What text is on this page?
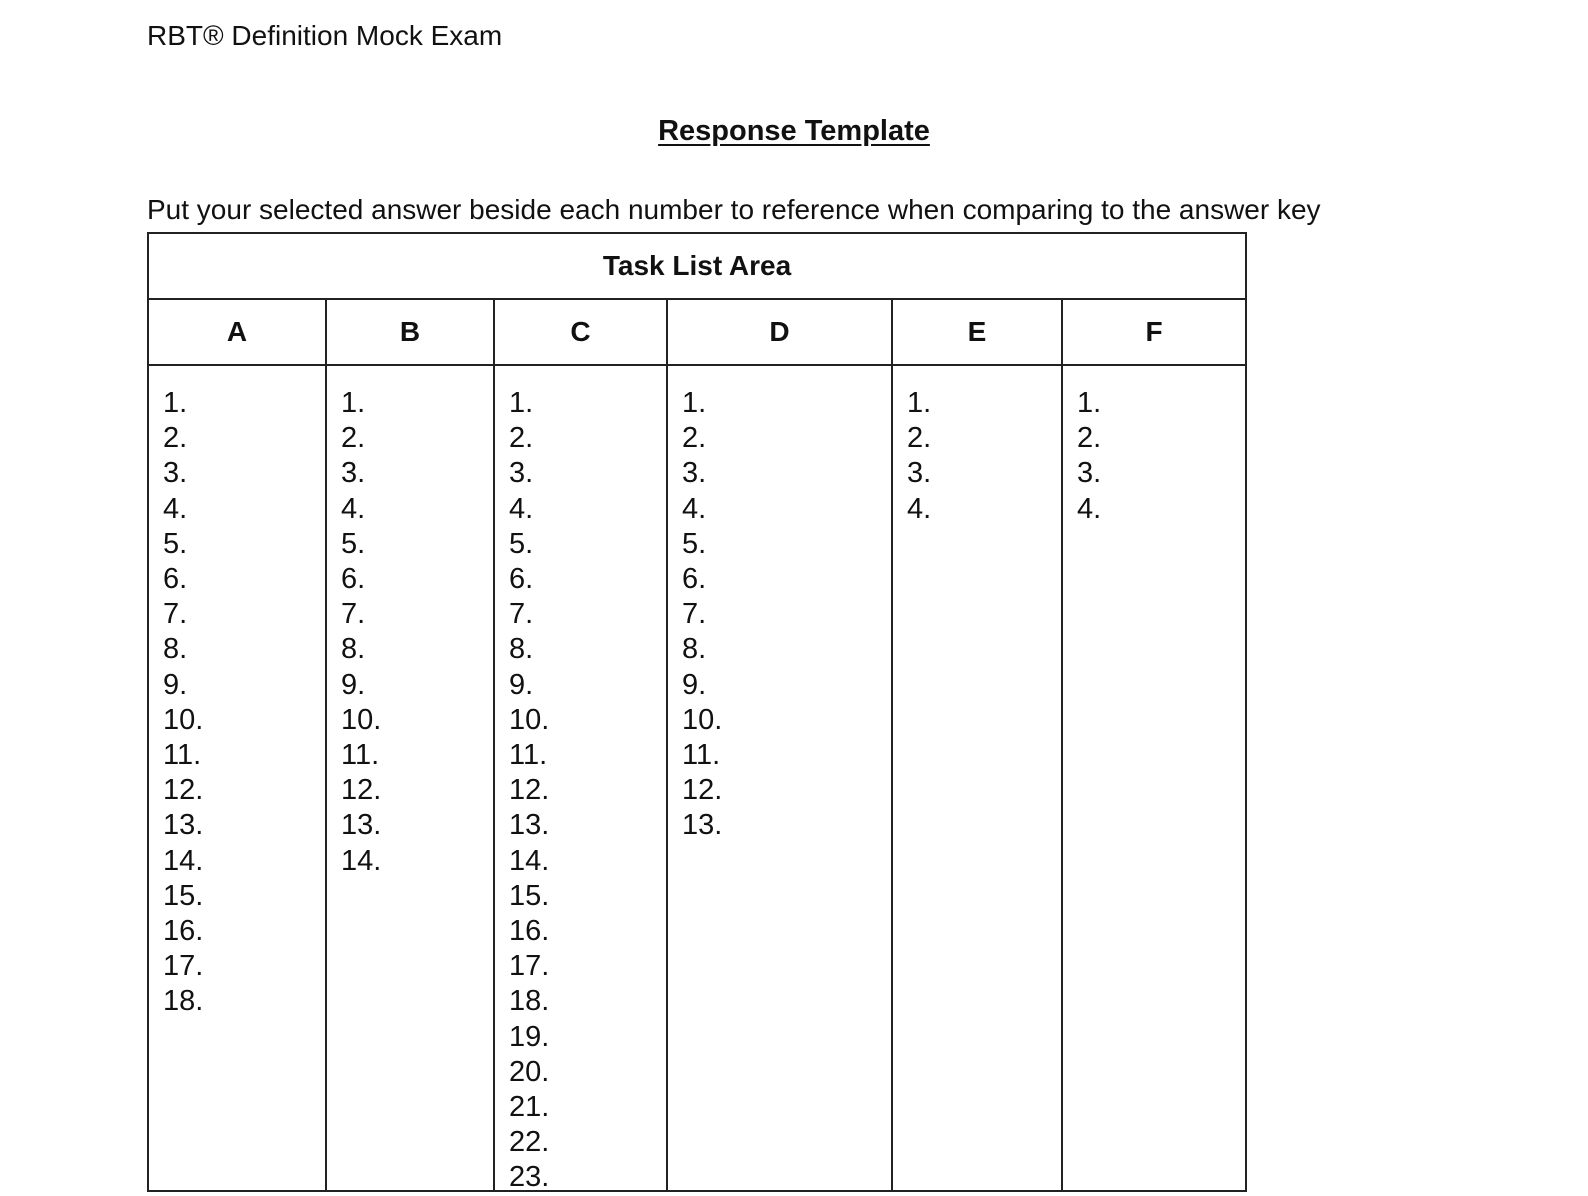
RBT® Definition Mock Exam
Response Template
Put your selected answer beside each number to reference when comparing to the answer key
Task List Area
A
1.
2.
3.
4.
5.
6.
7.
8.
9.
10.
11.
12.
13.
14.
15.
16.
17.
18.
B
1.
2.
3.
4.
5.
6.
7.
8.
9.
10.
11.
12.
13.
14.
C
1.
2.
3.
4.
5.
6.
7.
8.
9.
10.
11.
12.
13.
14.
15.
16.
17.
18.
19.
20.
21.
22.
23.
D
1.
2.
3.
4.
5.
6.
7.
8.
9.
10.
11.
12.
13.
E
1.
2.
3.
4.
F
1.
2.
3.
4.
